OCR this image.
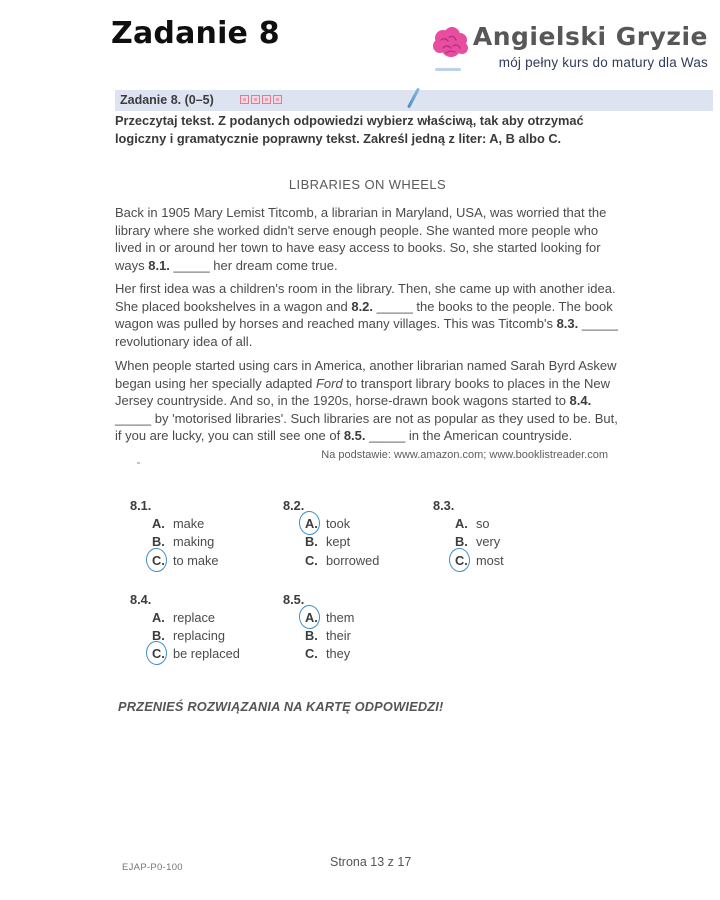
Zadanie 8	Angielski Gryzie
mój pełny kurs do matury dla Was
Zadanie 8. (0–5)
Przeczytaj tekst. Z podanych odpowiedzi wybierz właściwą, tak aby otrzymać logiczny i gramatycznie poprawny tekst. Zakreśl jedną z liter: A, B albo C.
LIBRARIES ON WHEELS
Back in 1905 Mary Lemist Titcomb, a librarian in Maryland, USA, was worried that the library where she worked didn't serve enough people. She wanted more people who lived in or around her town to have easy access to books. So, she started looking for ways 8.1. _____ her dream come true.
Her first idea was a children's room in the library. Then, she came up with another idea. She placed bookshelves in a wagon and 8.2. _____ the books to the people. The book wagon was pulled by horses and reached many villages. This was Titcomb's 8.3. _____ revolutionary idea of all.
When people started using cars in America, another librarian named Sarah Byrd Askew began using her specially adapted Ford to transport library books to places in the New Jersey countryside. And so, in the 1920s, horse-drawn book wagons started to 8.4. _____ by 'motorised libraries'. Such libraries are not as popular as they used to be. But, if you are lucky, you can still see one of 8.5. _____ in the American countryside.
Na podstawie: www.amazon.com; www.booklistreader.com
8.1.
A. make
B. making
C. to make
8.2.
A. took
B. kept
C. borrowed
8.3.
A. so
B. very
C. most
8.4.
A. replace
B. replacing
C. be replaced
8.5.
A. them
B. their
C. they
PRZENIEŚ ROZWIĄZANIA NA KARTĘ ODPOWIEDZI!
EJAP-P0-100	Strona 13 z 17
